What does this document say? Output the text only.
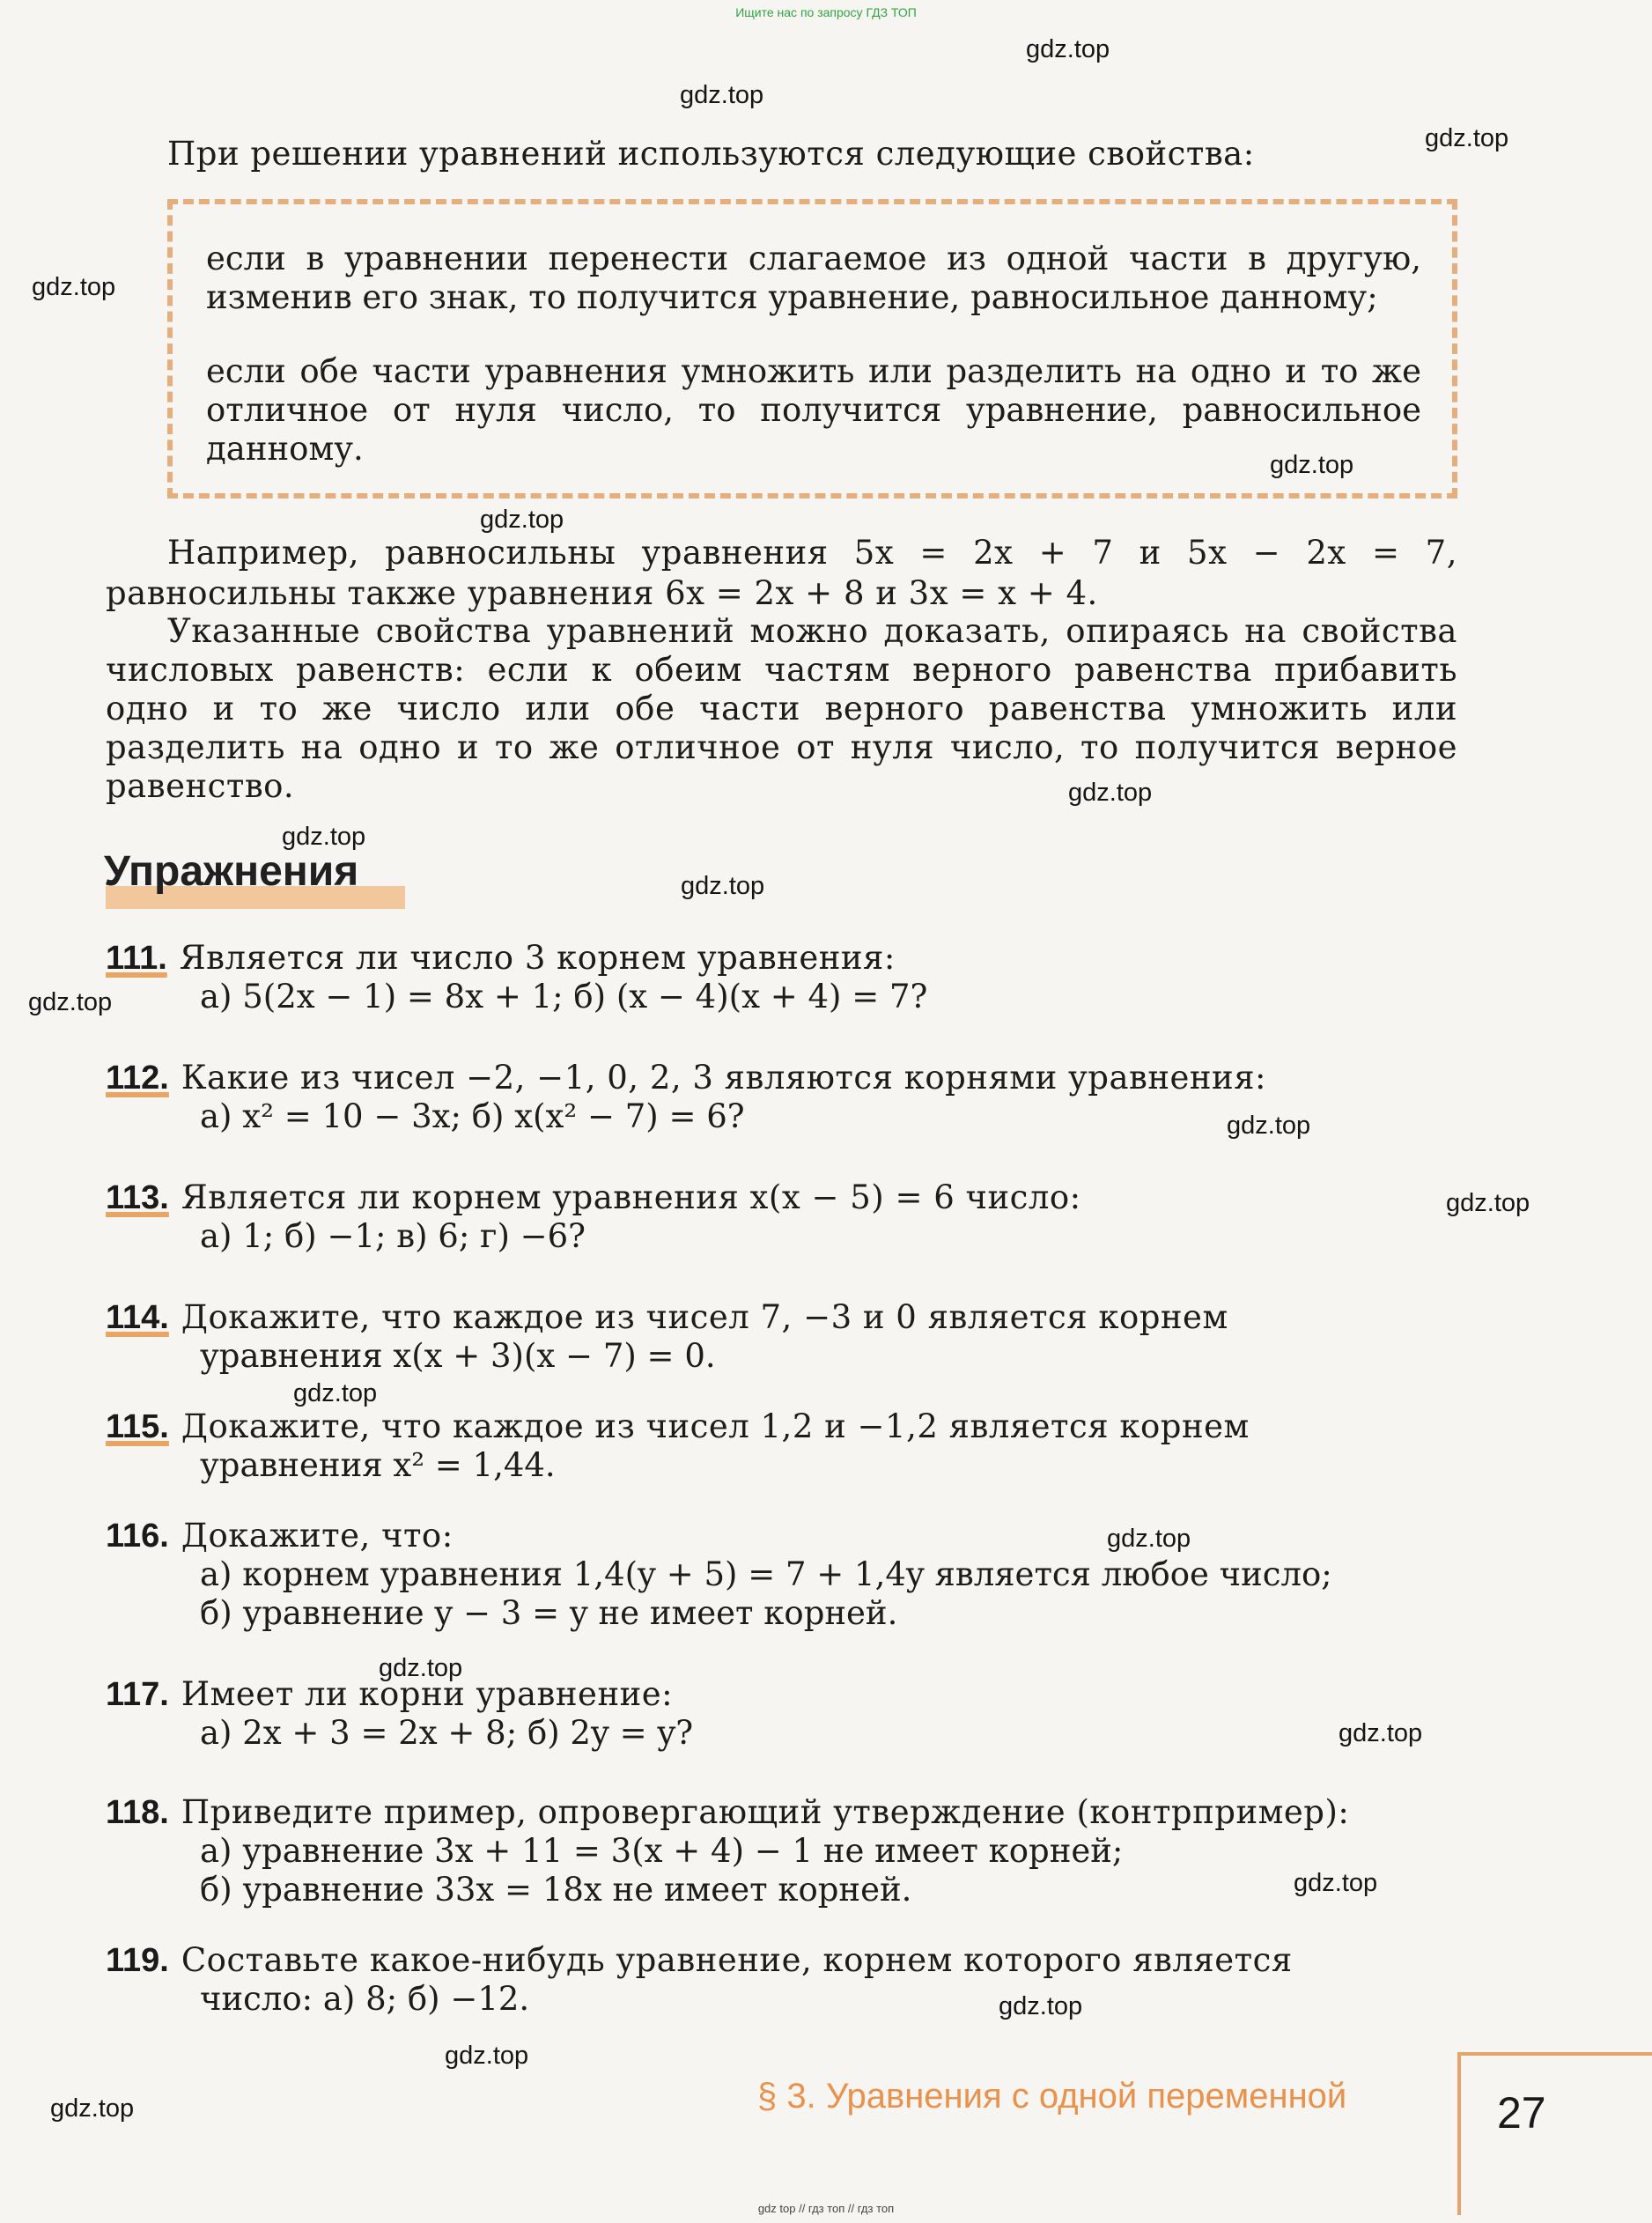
Ищите нас по запросу ГДЗ ТОП
При решении уравнений используются следующие свойства:
если в уравнении перенести слагаемое из одной части в другую, изменив его знак, то получится уравнение, равносильное данному;
если обе части уравнения умножить или разделить на одно и то же отличное от нуля число, то получится уравнение, равносильное данному.
Например, равносильны уравнения 5x = 2x + 7 и 5x − 2x = 7, равносильны также уравнения 6x = 2x + 8 и 3x = x + 4.
Указанные свойства уравнений можно доказать, опираясь на свойства числовых равенств: если к обеим частям верного равенства прибавить одно и то же число или обе части верного равенства умножить или разделить на одно и то же отличное от нуля число, то получится верное равенство.
Упражнения
111. Является ли число 3 корнем уравнения:
а) 5(2x − 1) = 8x + 1; б) (x − 4)(x + 4) = 7?
112. Какие из чисел −2, −1, 0, 2, 3 являются корнями уравнения:
а) x² = 10 − 3x; б) x(x² − 7) = 6?
113. Является ли корнем уравнения x(x − 5) = 6 число:
а) 1; б) −1; в) 6; г) −6?
114. Докажите, что каждое из чисел 7, −3 и 0 является корнем
уравнения x(x + 3)(x − 7) = 0.
115. Докажите, что каждое из чисел 1,2 и −1,2 является корнем
уравнения x² = 1,44.
116. Докажите, что:
а) корнем уравнения 1,4(y + 5) = 7 + 1,4y является любое число;
б) уравнение y − 3 = y не имеет корней.
117. Имеет ли корни уравнение:
а) 2x + 3 = 2x + 8; б) 2y = y?
118. Приведите пример, опровергающий утверждение (контрпример):
а) уравнение 3x + 11 = 3(x + 4) − 1 не имеет корней;
б) уравнение 33x = 18x не имеет корней.
119. Составьте какое-нибудь уравнение, корнем которого является
число: а) 8; б) −12.
§ 3. Уравнения с одной переменной	27
gdz.top
gdz.top
gdz.top
gdz.top
gdz.top
gdz.top
gdz.top
gdz.top
gdz.top
gdz.top
gdz.top
gdz.top
gdz.top
gdz.top
gdz.top
gdz.top
gdz.top
gdz.top
gdz.top
gdz.top
gdz top // гдз топ // гдз топ
